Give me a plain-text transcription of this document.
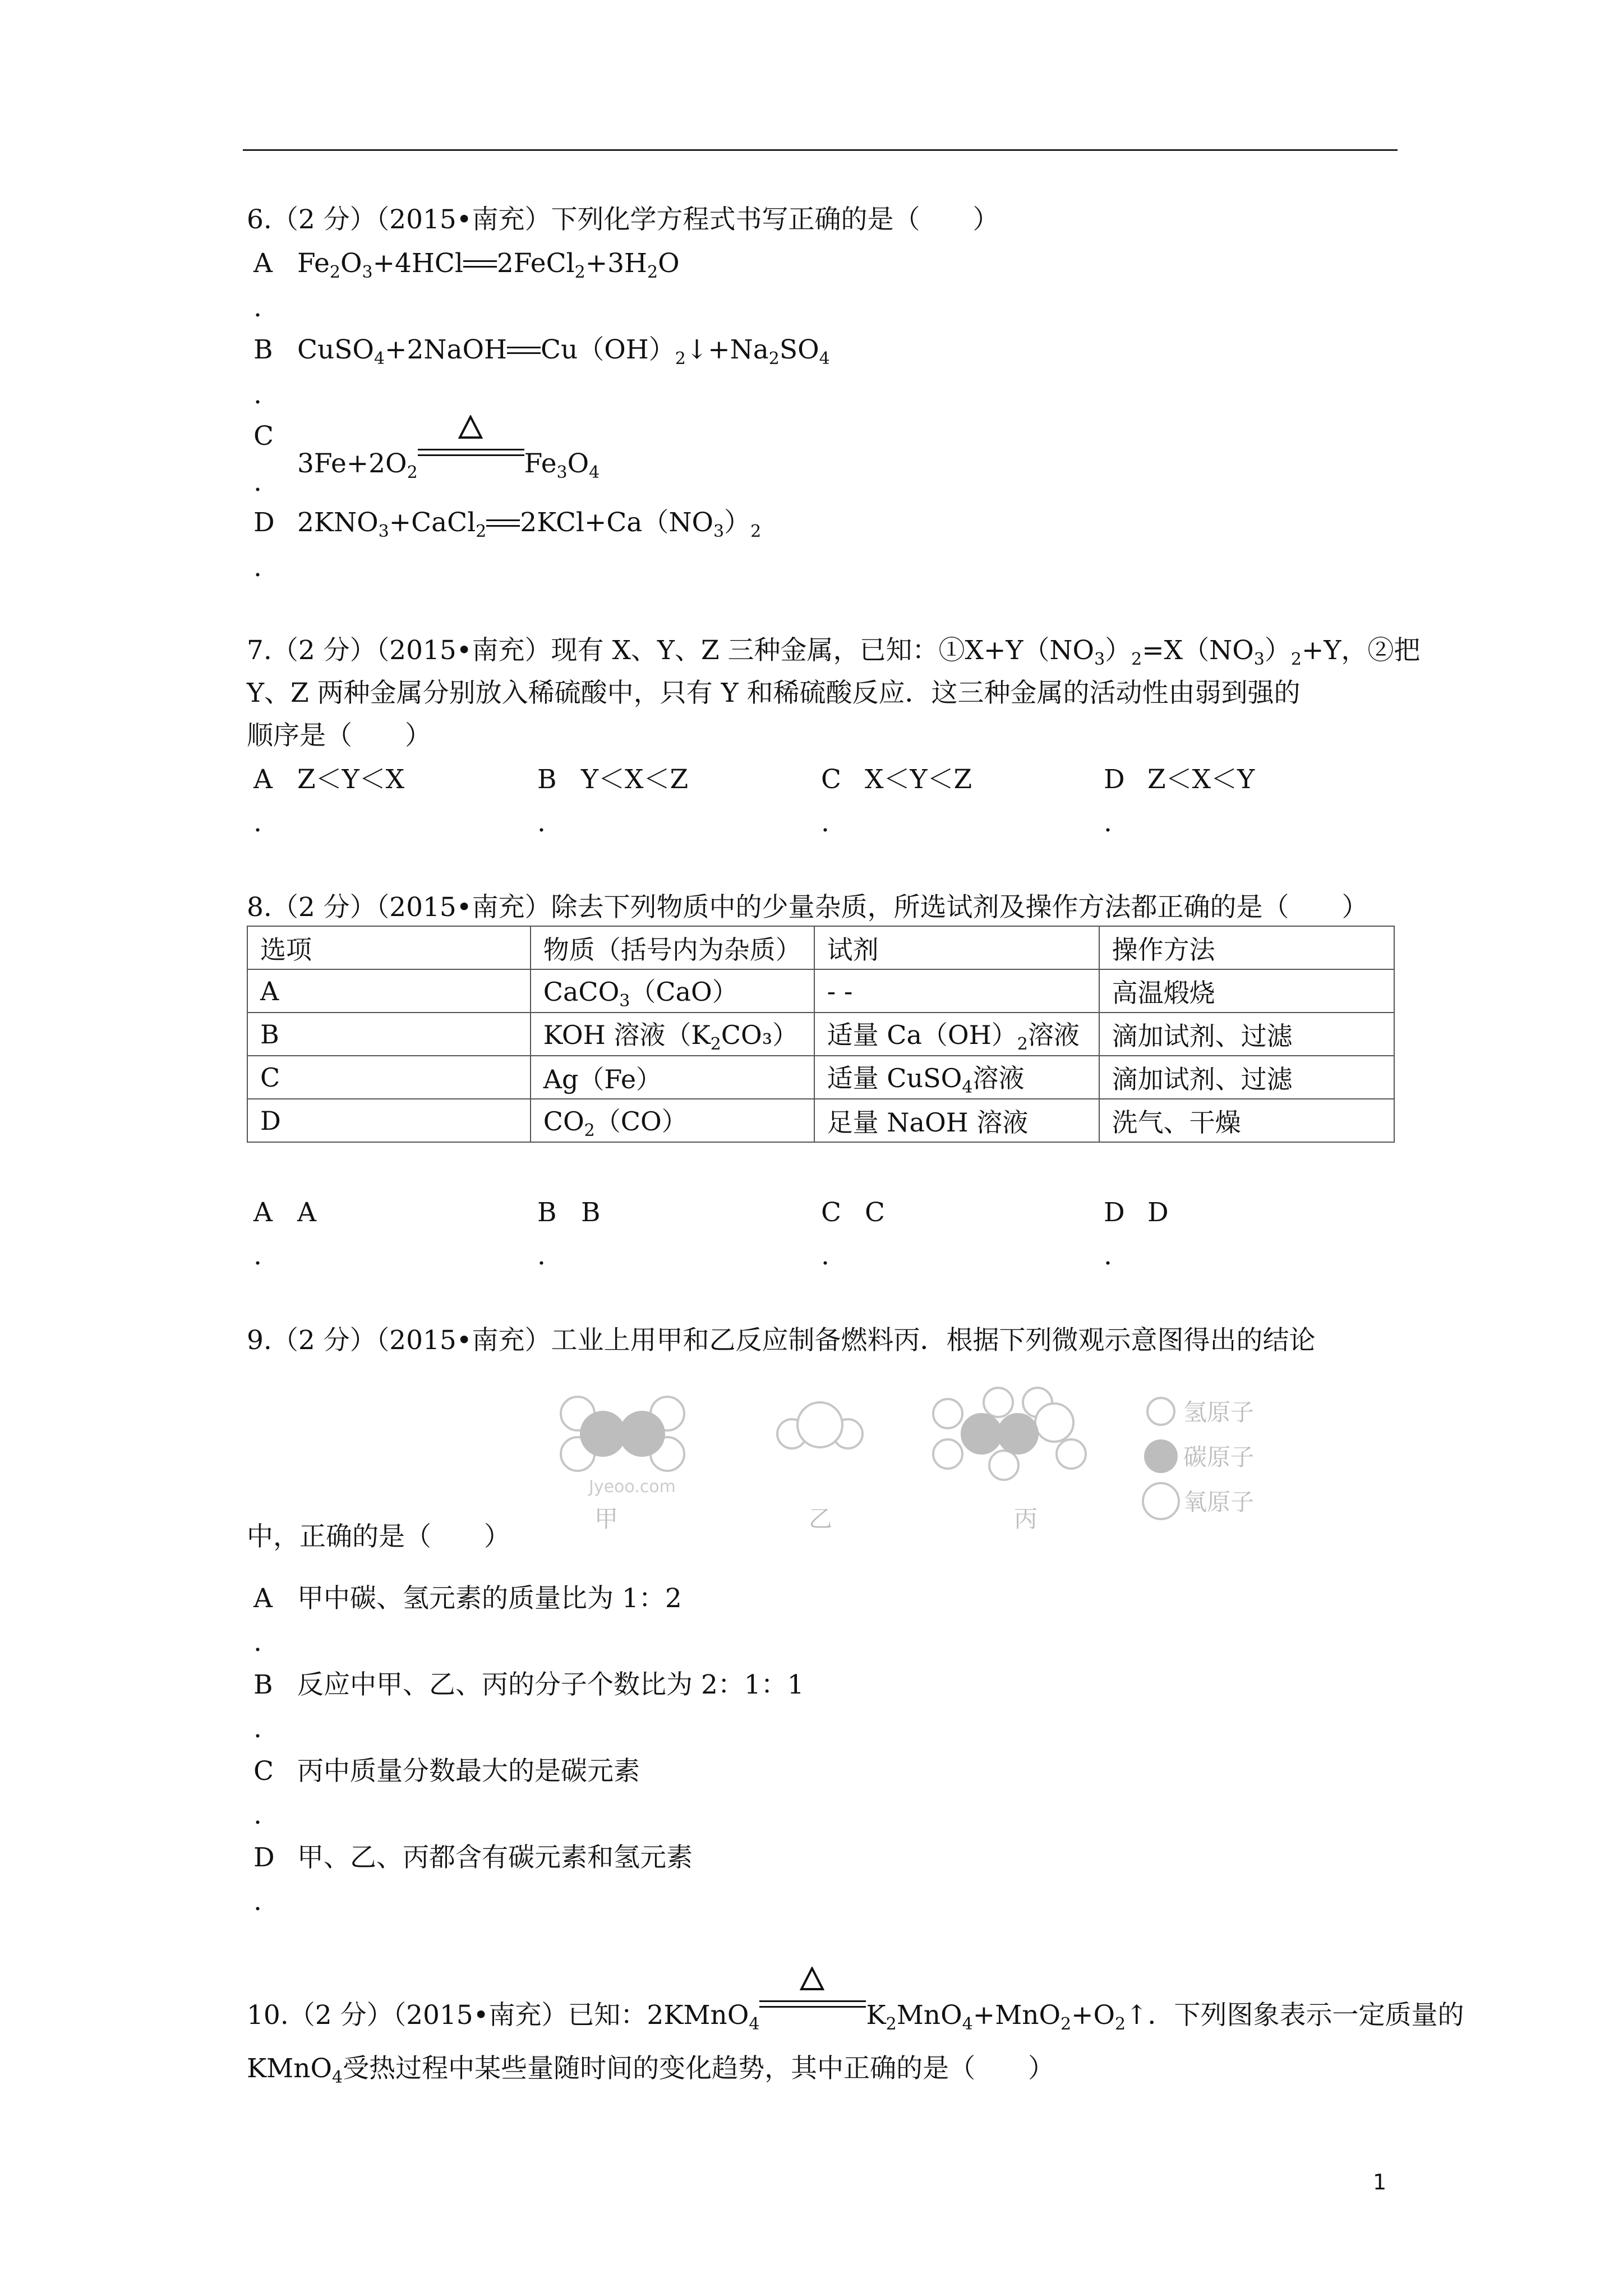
6.（2 分）（2015•南充）下列化学方程式书写正确的是（　　）
A $Fe_2O_3+4HCl$ $2FeCl_2+3H_2O$
.
B CuSO$_4$+2NaOH $Cu(OH)_2↓+Na_2SO_4$
.
C
$3Fe+2O_2$	$Fe_3O_4$
.
D $2KNO_3+CaCl_2$ $2KCl+Ca(NO_3)_2$
.
7.（2 分）（2015•南充）现有 X、Y、Z 三种金属，已知：$①X+Y(NO_3)_2=X(NO_3)_2+Y$，②把
Y、Z 两种金属分别放入稀硫酸中，只有 Y 和稀硫酸反应．这三种金属的活动性由弱到强的
顺序是（　　）
A Z＜Y＜X	B Y＜X＜Z	C X＜Y＜Z	D Z＜X＜Y
.	.	.	.
8.（2 分）（2015•南充）除去下列物质中的少量杂质，所选试剂及操作方法都正确的是（　　）
选项	物质（括号内为杂质）	试剂	操作方法
A	CaCO$_3$（CaO）	- -	高温煅烧
B	KOH 溶液$(K_2CO_3)$	适量 $Ca(OH)_2$溶液	滴加试剂、过滤
C	Ag（Fe）	适量 CuSO$_4$溶液	滴加试剂、过滤
D	$CO_2(CO)$	足量 NaOH 溶液	洗气、干燥
A A	B B	C C	D D
.	.	.	.
9.（2 分）（2015•南充）工业上用甲和乙反应制备燃料丙．根据下列微观示意图得出的结论
氢原子
碳原子
氧原子
Jyeoo.com
甲	乙	丙
中，正确的是（　　）
A 甲中碳、氢元素的质量比为 1：2
.
B 反应中甲、乙、丙的分子个数比为 2：1：1
.
C 丙中质量分数最大的是碳元素
.
D 甲、乙、丙都含有碳元素和氢元素
.
10.（2 分）（2015•南充）已知：2KMnO$_4$	$K_2MnO_4+MnO_2+O_2↑$．下列图象表示一定质量的
KMnO$_4$受热过程中某些量随时间的变化趋势，其中正确的是（　　）
1
